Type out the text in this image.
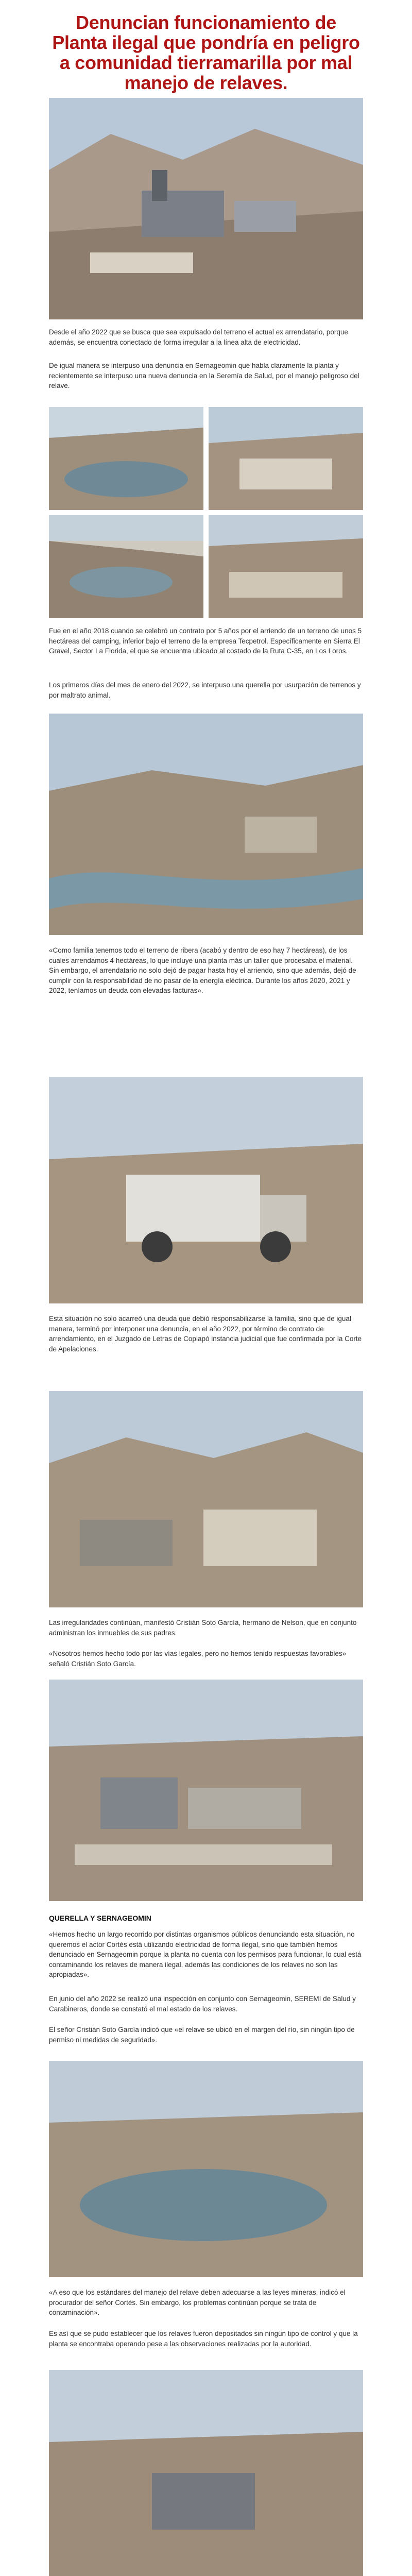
Denuncian funcionamiento de Planta ilegal que pondría en peligro a comunidad tierramarilla por mal manejo de relaves.

Desde el año 2022 que se busca que sea expulsado del terreno el actual ex arrendatario, porque además, se encuentra conectado de forma irregular a la línea alta de electricidad.

De igual manera se interpuso una denuncia en Sernageomin que habla claramente la planta y recientemente se interpuso una nueva denuncia en la Seremía de Salud, por el manejo peligroso del relave.

Fue en el año 2018 cuando se celebró un contrato por 5 años por el arriendo de un terreno de unos 5 hectáreas del camping, inferior bajo el terreno de la empresa Tecpetrol. Específicamente en Sierra El Gravel, Sector La Florida, el que se encuentra ubicado al costado de la Ruta C-35, en Los Loros.

Los primeros días del mes de enero del 2022, se interpuso una querella por usurpación de terrenos y por maltrato animal.

«Como familia tenemos todo el terreno de ribera (acabó y dentro de eso hay 7 hectáreas), de los cuales arrendamos 4 hectáreas, lo que incluye una planta más un taller que procesaba el material. Sin embargo, el arrendatario no solo dejó de pagar hasta hoy el arriendo, sino que además, dejó de cumplir con la responsabilidad de no pasar de la energía eléctrica. Durante los años 2020, 2021 y 2022, teníamos un deuda con elevadas facturas».

Esta situación no solo acarreó una deuda que debió responsabilizarse la familia, sino que de igual manera, terminó por interponer una denuncia, en el año 2022, por término de contrato de arrendamiento, en el Juzgado de Letras de Copiapó instancia judicial que fue confirmada por la Corte de Apelaciones.

Las irregularidades continúan, manifestó Cristián Soto García, hermano de Nelson, que en conjunto administran los inmuebles de sus padres.

«Nosotros hemos hecho todo por las vías legales, pero no hemos tenido respuestas favorables» señaló Cristián Soto García.

QUERELLA Y SERNAGEOMIN

«Hemos hecho un largo recorrido por distintas organismos públicos denunciando esta situación, no queremos el actor Cortés está utilizando electricidad de forma ilegal, sino que también hemos denunciado en Sernageomin porque la planta no cuenta con los permisos para funcionar, lo cual está contaminando los relaves de manera ilegal, además las condiciones de los relaves no son las apropiadas».

En junio del año 2022 se realizó una inspección en conjunto con Sernageomin, SEREMI de Salud y Carabineros, donde se constató el mal estado de los relaves.

El señor Cristián Soto García indicó que «el relave se ubicó en el margen del río, sin ningún tipo de permiso ni medidas de seguridad».

«A eso que los estándares del manejo del relave deben adecuarse a las leyes mineras, indicó el procurador del señor Cortés. Sin embargo, los problemas continúan porque se trata de contaminación».

Es así que se pudo establecer que los relaves fueron depositados sin ningún tipo de control y que la planta se encontraba operando pese a las observaciones realizadas por la autoridad.
